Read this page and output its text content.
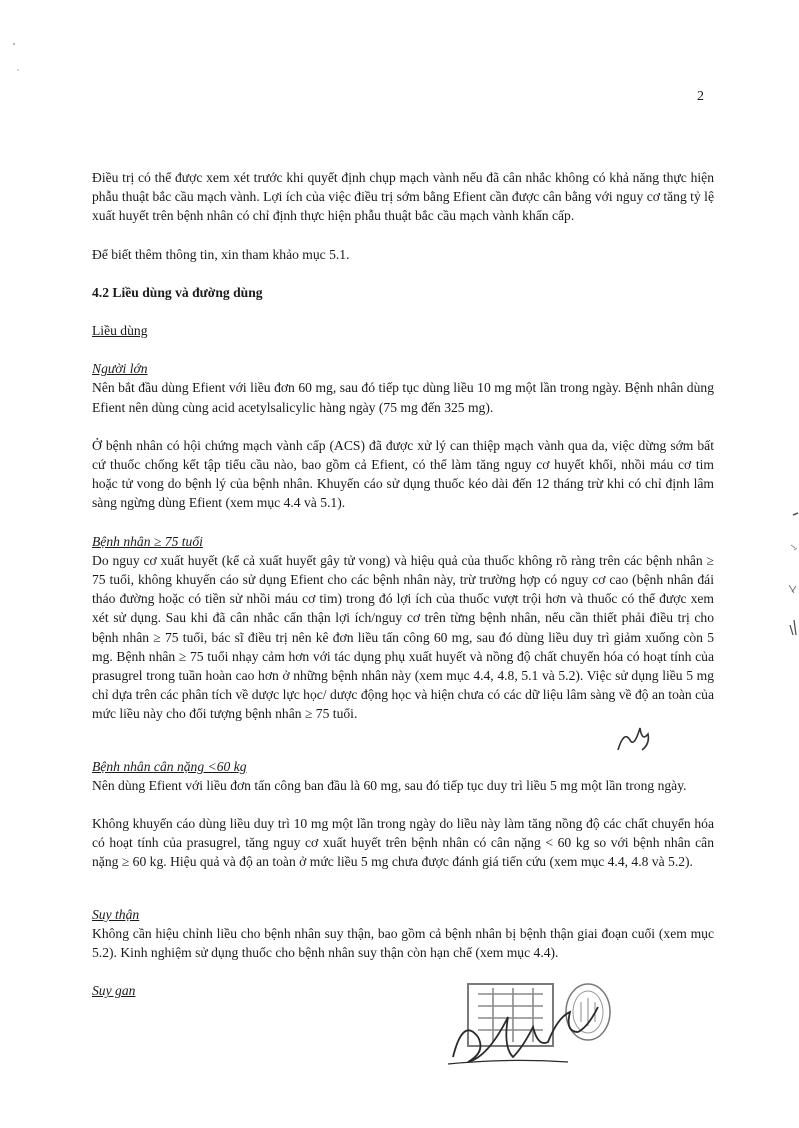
2

Điều trị có thể được xem xét trước khi quyết định chụp mạch vành nếu đã cân nhắc không có khả năng thực hiện phẫu thuật bắc cầu mạch vành. Lợi ích của việc điều trị sớm bằng Efient cần được cân bằng với nguy cơ tăng tỷ lệ xuất huyết trên bệnh nhân có chỉ định thực hiện phẫu thuật bắc cầu mạch vành khẩn cấp.

Để biết thêm thông tin, xin tham khảo mục 5.1.

4.2 Liều dùng và đường dùng

Liều dùng

Người lớn

Nên bắt đầu dùng Efient với liều đơn 60 mg, sau đó tiếp tục dùng liều 10 mg một lần trong ngày. Bệnh nhân dùng Efient nên dùng cùng acid acetylsalicylic hàng ngày (75 mg đến 325 mg).

Ở bệnh nhân có hội chứng mạch vành cấp (ACS) đã được xử lý can thiệp mạch vành qua da, việc dừng sớm bất cứ thuốc chống kết tập tiểu cầu nào, bao gồm cả Efient, có thể làm tăng nguy cơ huyết khối, nhồi máu cơ tim hoặc tử vong do bệnh lý của bệnh nhân. Khuyến cáo sử dụng thuốc kéo dài đến 12 tháng trừ khi có chỉ định lâm sàng ngừng dùng Efient (xem mục 4.4 và 5.1).

Bệnh nhân ≥ 75 tuổi

Do nguy cơ xuất huyết (kể cả xuất huyết gây tử vong) và hiệu quả của thuốc không rõ ràng trên các bệnh nhân ≥ 75 tuổi, không khuyến cáo sử dụng Efient cho các bệnh nhân này, trừ trường hợp có nguy cơ cao (bệnh nhân đái tháo đường hoặc có tiền sử nhồi máu cơ tim) trong đó lợi ích của thuốc vượt trội hơn và thuốc có thể được xem xét sử dụng. Sau khi đã cân nhắc cẩn thận lợi ích/nguy cơ trên từng bệnh nhân, nếu cần thiết phải điều trị cho bệnh nhân ≥ 75 tuổi, bác sĩ điều trị nên kê đơn liều tấn công 60 mg, sau đó dùng liều duy trì giảm xuống còn 5 mg. Bệnh nhân ≥ 75 tuổi nhạy cảm hơn với tác dụng phụ xuất huyết và nồng độ chất chuyển hóa có hoạt tính của prasugrel trong tuần hoàn cao hơn ở những bệnh nhân này (xem mục 4.4, 4.8, 5.1 và 5.2). Việc sử dụng liều 5 mg chỉ dựa trên các phân tích về dược lực học/ dược động học và hiện chưa có các dữ liệu lâm sàng về độ an toàn của mức liều này cho đối tượng bệnh nhân ≥ 75 tuổi.

Bệnh nhân cân nặng <60 kg

Nên dùng Efient với liều đơn tấn công ban đầu là 60 mg, sau đó tiếp tục duy trì liều 5 mg một lần trong ngày.

Không khuyến cáo dùng liều duy trì 10 mg một lần trong ngày do liều này làm tăng nồng độ các chất chuyển hóa có hoạt tính của prasugrel, tăng nguy cơ xuất huyết trên bệnh nhân có cân nặng < 60 kg so với bệnh nhân cân nặng ≥ 60 kg. Hiệu quả và độ an toàn ở mức liều 5 mg chưa được đánh giá tiến cứu (xem mục 4.4, 4.8 và 5.2).

Suy thận

Không cần hiệu chỉnh liều cho bệnh nhân suy thận, bao gồm cả bệnh nhân bị bệnh thận giai đoạn cuối (xem mục 5.2). Kinh nghiệm sử dụng thuốc cho bệnh nhân suy thận còn hạn chế (xem mục 4.4).

Suy gan
